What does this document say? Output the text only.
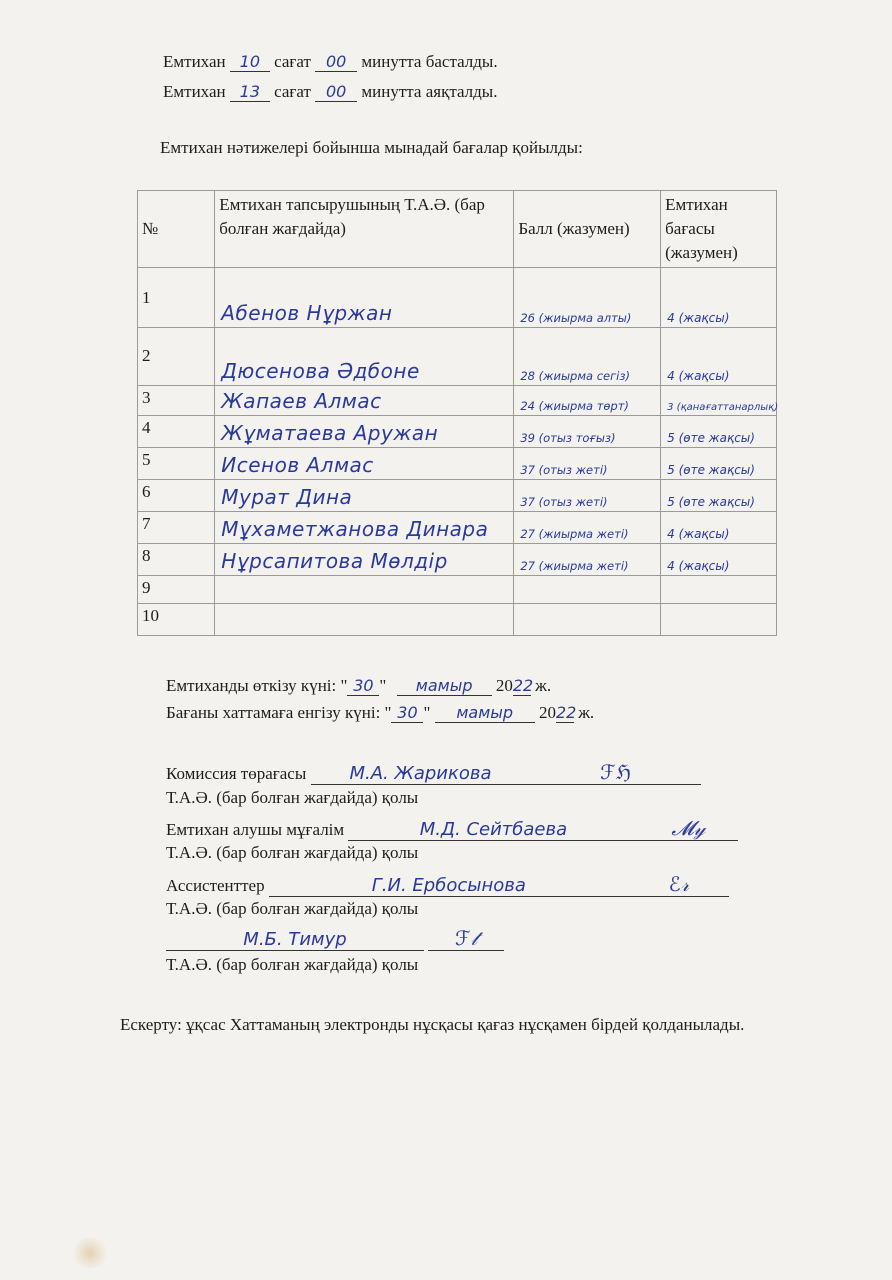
Емтихан 10 сағат 00 минутта басталды.
Емтихан 13 сағат 00 минутта аяқталды.
Емтихан нәтижелері бойынша мынадай бағалар қойылды:
№	Емтихан тапсырушының Т.А.Ә. (бар болған жағдайда)	Балл (жазумен)	Емтихан бағасы (жазумен)
1	Абенов Нұржан	26 (жиырма алты)	4 (жақсы)

2	Дюсенова Әдбоне	28 (жиырма сегіз)	4 (жақсы)

3	Жапаев Алмас	24 (жиырма төрт)	3 (қанағаттанарлық)

4	Жұматаева Аружан	39 (отыз тоғыз)	5 (өте жақсы)

5	Исенов Алмас	37 (отыз жеті)	5 (өте жақсы)

6	Мурат Дина	37 (отыз жеті)	5 (өте жақсы)

7	Мұхаметжанова Динара	27 (жиырма жеті)	4 (жақсы)

8	Нұрсапитова Мөлдір	27 (жиырма жеті)	4 (жақсы)

9	

10	

Емтиханды өткізу күні: " 30 " мамыр 2022 ж.
Бағаны хаттамаға енгізу күні: " 30 " мамыр 2022 ж.
Комиссия төрағасы М.А. Жарикова	ℱℌ
Т.А.Ә. (бар болған жағдайда) қолы
Емтихан алушы мұғалім	М.Д. Сейтбаева	𝓜𝓎
Т.А.Ә. (бар болған жағдайда) қолы
Ассистенттер	Г.И. Ербосынова	ℰ𝓇
Т.А.Ә. (бар болған жағдайда) қолы
М.Б. Тимур	ℱ𝓉
Т.А.Ә. (бар болған жағдайда) қолы
Ескерту: ұқсас Хаттаманың электронды нұсқасы қағаз нұсқамен бірдей қолданылады.
